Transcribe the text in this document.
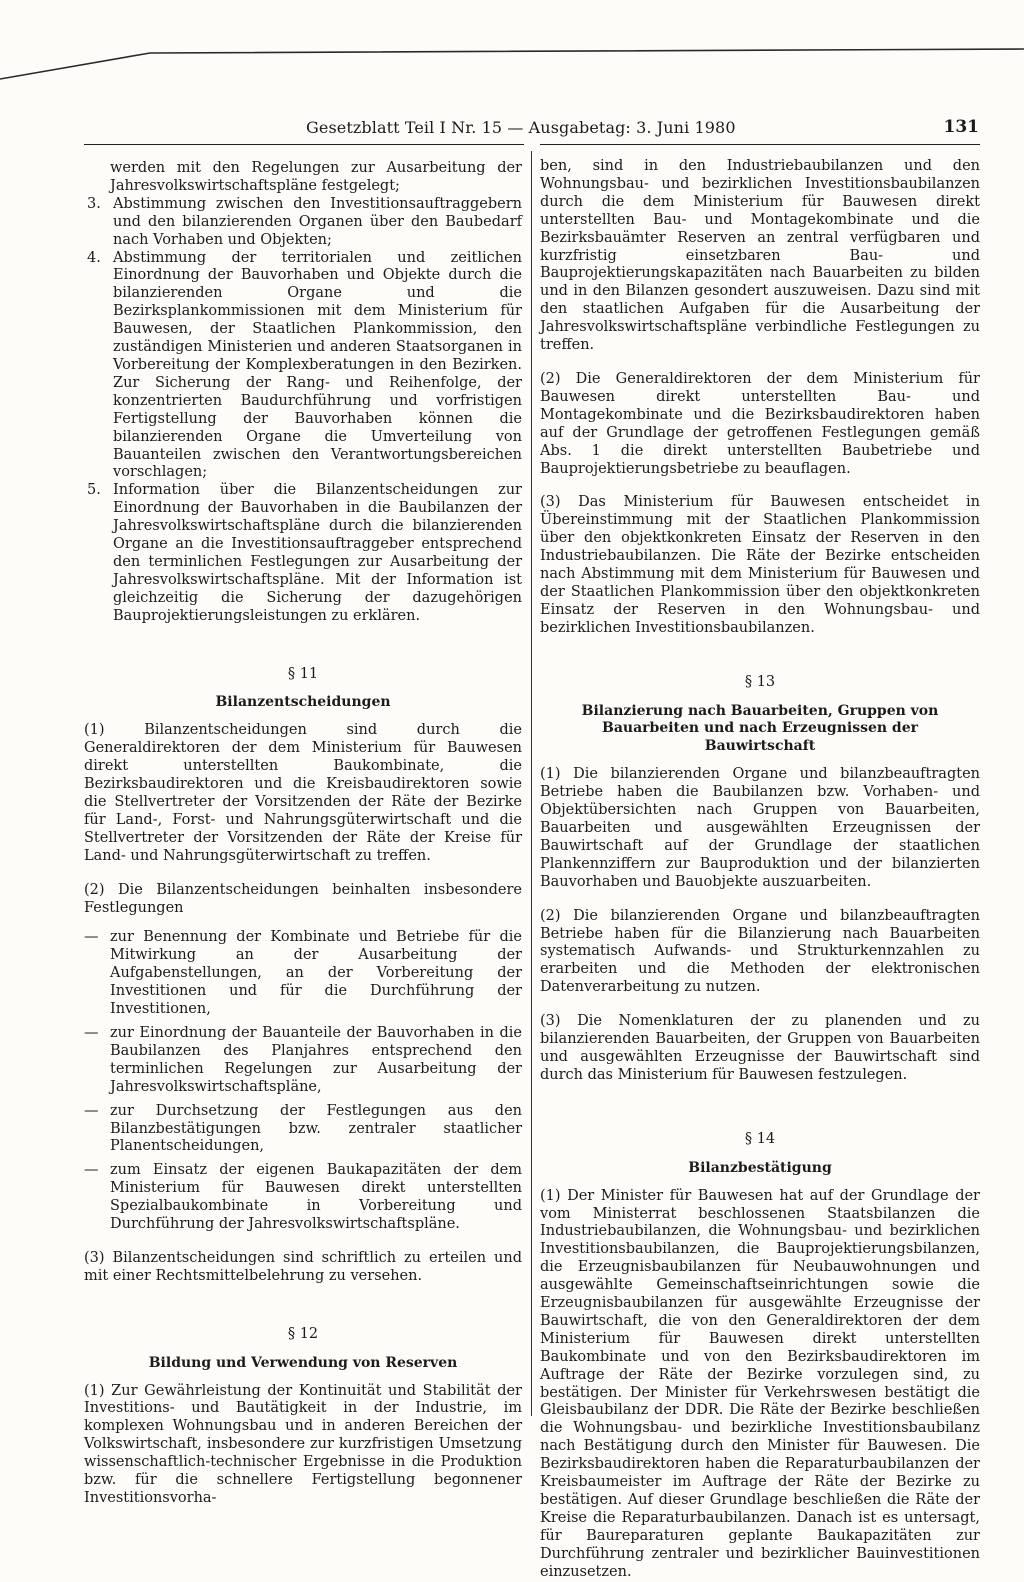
Gesetzblatt Teil I Nr. 15 — Ausgabetag: 3. Juni 1980	131

werden mit den Regelungen zur Ausarbeitung der Jahresvolkswirtschaftspläne festgelegt;

3. Abstimmung zwischen den Investitionsauftraggebern und den bilanzierenden Organen über den Baubedarf nach Vorhaben und Objekten;

4. Abstimmung der territorialen und zeitlichen Einordnung der Bauvorhaben und Objekte durch die bilanzierenden Organe und die Bezirksplankommissionen mit dem Ministerium für Bauwesen, der Staatlichen Plankommission, den zuständigen Ministerien und anderen Staatsorganen in Vorbereitung der Komplexberatungen in den Bezirken. Zur Sicherung der Rang- und Reihenfolge, der konzentrierten Baudurchführung und vorfristigen Fertigstellung der Bauvorhaben können die bilanzierenden Organe die Umverteilung von Bauanteilen zwischen den Verantwortungsbereichen vorschlagen;

5. Information über die Bilanzentscheidungen zur Einordnung der Bauvorhaben in die Baubilanzen der Jahresvolkswirtschaftspläne durch die bilanzierenden Organe an die Investitionsauftraggeber entsprechend den terminlichen Festlegungen zur Ausarbeitung der Jahresvolkswirtschaftspläne. Mit der Information ist gleichzeitig die Sicherung der dazugehörigen Bauprojektierungsleistungen zu erklären.

§ 11

Bilanzentscheidungen

(1) Bilanzentscheidungen sind durch die Generaldirektoren der dem Ministerium für Bauwesen direkt unterstellten Baukombinate, die Bezirksbaudirektoren und die Kreisbaudirektoren sowie die Stellvertreter der Vorsitzenden der Räte der Bezirke für Land-, Forst- und Nahrungsgüterwirtschaft und die Stellvertreter der Vorsitzenden der Räte der Kreise für Land- und Nahrungsgüterwirtschaft zu treffen.

(2) Die Bilanzentscheidungen beinhalten insbesondere Festlegungen

— zur Benennung der Kombinate und Betriebe für die Mitwirkung an der Ausarbeitung der Aufgabenstellungen, an der Vorbereitung der Investitionen und für die Durchführung der Investitionen,

— zur Einordnung der Bauanteile der Bauvorhaben in die Baubilanzen des Planjahres entsprechend den terminlichen Regelungen zur Ausarbeitung der Jahresvolkswirtschaftspläne,

— zur Durchsetzung der Festlegungen aus den Bilanzbestätigungen bzw. zentraler staatlicher Planentscheidungen,

— zum Einsatz der eigenen Baukapazitäten der dem Ministerium für Bauwesen direkt unterstellten Spezialbaukombinate in Vorbereitung und Durchführung der Jahresvolkswirtschaftspläne.

(3) Bilanzentscheidungen sind schriftlich zu erteilen und mit einer Rechtsmittelbelehrung zu versehen.

§ 12

Bildung und Verwendung von Reserven

(1) Zur Gewährleistung der Kontinuität und Stabilität der Investitions- und Bautätigkeit in der Industrie, im komplexen Wohnungsbau und in anderen Bereichen der Volkswirtschaft, insbesondere zur kurzfristigen Umsetzung wissenschaftlich-technischer Ergebnisse in die Produktion bzw. für die schnellere Fertigstellung begonnener Investitionsvorha-

ben, sind in den Industriebaubilanzen und den Wohnungsbau- und bezirklichen Investitionsbaubilanzen durch die dem Ministerium für Bauwesen direkt unterstellten Bau- und Montagekombinate und die Bezirksbauämter Reserven an zentral verfügbaren und kurzfristig einsetzbaren Bau- und Bauprojektierungskapazitäten nach Bauarbeiten zu bilden und in den Bilanzen gesondert auszuweisen. Dazu sind mit den staatlichen Aufgaben für die Ausarbeitung der Jahresvolkswirtschaftspläne verbindliche Festlegungen zu treffen.

(2) Die Generaldirektoren der dem Ministerium für Bauwesen direkt unterstellten Bau- und Montagekombinate und die Bezirksbaudirektoren haben auf der Grundlage der getroffenen Festlegungen gemäß Abs. 1 die direkt unterstellten Baubetriebe und Bauprojektierungsbetriebe zu beauflagen.

(3) Das Ministerium für Bauwesen entscheidet in Übereinstimmung mit der Staatlichen Plankommission über den objektkonkreten Einsatz der Reserven in den Industriebaubilanzen. Die Räte der Bezirke entscheiden nach Abstimmung mit dem Ministerium für Bauwesen und der Staatlichen Plankommission über den objektkonkreten Einsatz der Reserven in den Wohnungsbau- und bezirklichen Investitionsbaubilanzen.

§ 13

Bilanzierung nach Bauarbeiten, Gruppen von Bauarbeiten und nach Erzeugnissen der Bauwirtschaft

(1) Die bilanzierenden Organe und bilanzbeauftragten Betriebe haben die Baubilanzen bzw. Vorhaben- und Objektübersichten nach Gruppen von Bauarbeiten, Bauarbeiten und ausgewählten Erzeugnissen der Bauwirtschaft auf der Grundlage der staatlichen Plankennziffern zur Bauproduktion und der bilanzierten Bauvorhaben und Bauobjekte auszuarbeiten.

(2) Die bilanzierenden Organe und bilanzbeauftragten Betriebe haben für die Bilanzierung nach Bauarbeiten systematisch Aufwands- und Strukturkennzahlen zu erarbeiten und die Methoden der elektronischen Datenverarbeitung zu nutzen.

(3) Die Nomenklaturen der zu planenden und zu bilanzierenden Bauarbeiten, der Gruppen von Bauarbeiten und ausgewählten Erzeugnisse der Bauwirtschaft sind durch das Ministerium für Bauwesen festzulegen.

§ 14

Bilanzbestätigung

(1) Der Minister für Bauwesen hat auf der Grundlage der vom Ministerrat beschlossenen Staatsbilanzen die Industriebaubilanzen, die Wohnungsbau- und bezirklichen Investitionsbaubilanzen, die Bauprojektierungsbilanzen, die Erzeugnisbaubilanzen für Neubauwohnungen und ausgewählte Gemeinschaftseinrichtungen sowie die Erzeugnisbaubilanzen für ausgewählte Erzeugnisse der Bauwirtschaft, die von den Generaldirektoren der dem Ministerium für Bauwesen direkt unterstellten Baukombinate und von den Bezirksbaudirektoren im Auftrage der Räte der Bezirke vorzulegen sind, zu bestätigen. Der Minister für Verkehrswesen bestätigt die Gleisbaubilanz der DDR. Die Räte der Bezirke beschließen die Wohnungsbau- und bezirkliche Investitionsbaubilanz nach Bestätigung durch den Minister für Bauwesen. Die Bezirksbaudirektoren haben die Reparaturbaubilanzen der Kreisbaumeister im Auftrage der Räte der Bezirke zu bestätigen. Auf dieser Grundlage beschließen die Räte der Kreise die Reparaturbaubilanzen. Danach ist es untersagt, für Baureparaturen geplante Baukapazitäten zur Durchführung zentraler und bezirklicher Bauinvestitionen einzusetzen.
